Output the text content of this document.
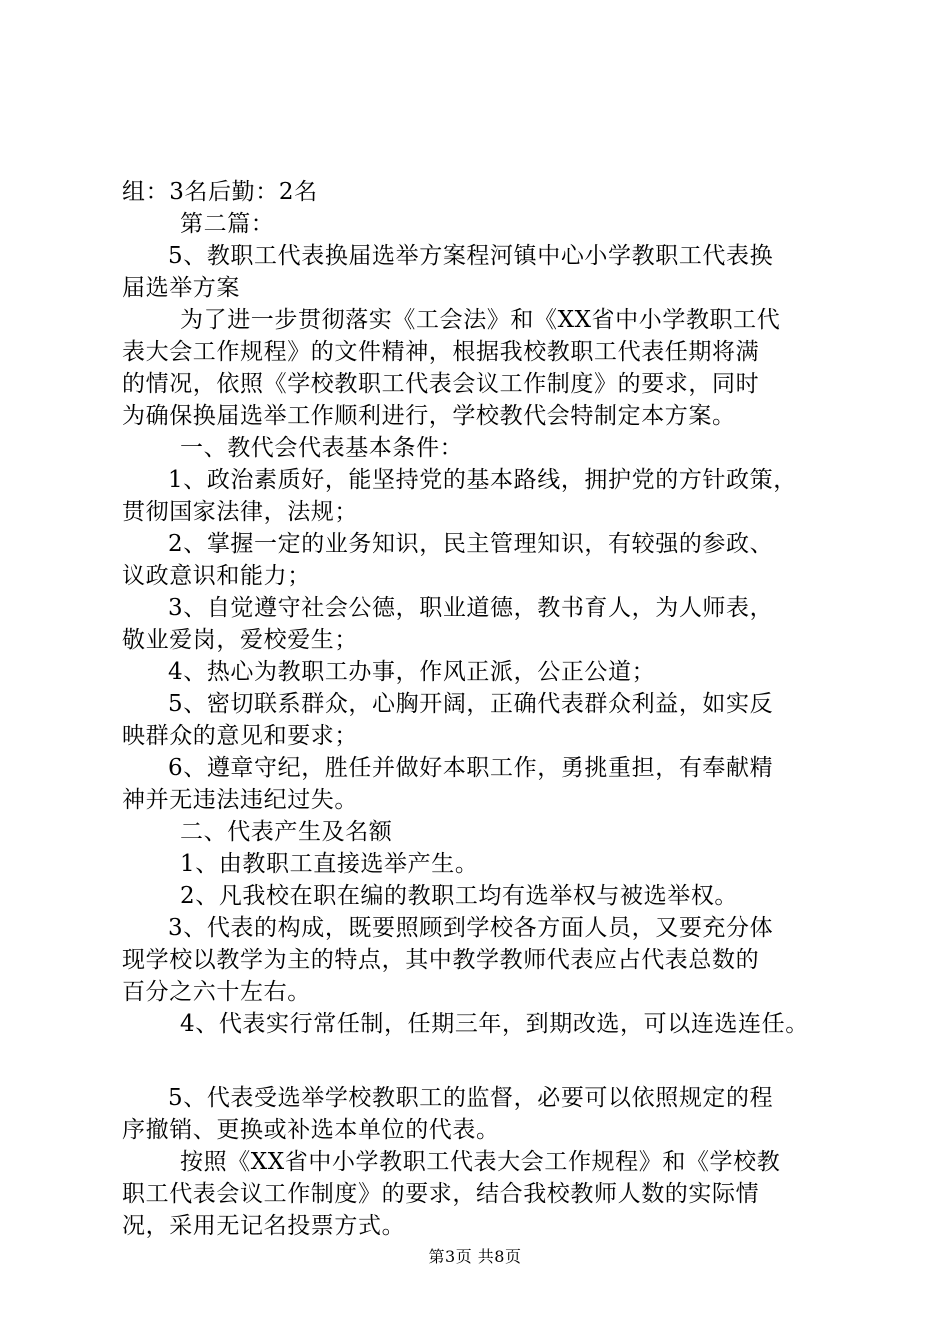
组：3名后勤：2名
第二篇：
5、教职工代表换届选举方案程河镇中心小学教职工代表换
届选举方案
为了进一步贯彻落实《工会法》和《XX省中小学教职工代
表大会工作规程》的文件精神，根据我校教职工代表任期将满
的情况，依照《学校教职工代表会议工作制度》的要求，同时
为确保换届选举工作顺利进行，学校教代会特制定本方案。
一、教代会代表基本条件：
1、政治素质好，能坚持党的基本路线，拥护党的方针政策，
贯彻国家法律，法规；
2、掌握一定的业务知识，民主管理知识，有较强的参政、
议政意识和能力；
3、自觉遵守社会公德，职业道德，教书育人，为人师表，
敬业爱岗，爱校爱生；
4、热心为教职工办事，作风正派，公正公道；
5、密切联系群众，心胸开阔，正确代表群众利益，如实反
映群众的意见和要求；
6、遵章守纪，胜任并做好本职工作，勇挑重担，有奉献精
神并无违法违纪过失。
二、代表产生及名额
1、由教职工直接选举产生。
2、凡我校在职在编的教职工均有选举权与被选举权。
3、代表的构成，既要照顾到学校各方面人员，又要充分体
现学校以教学为主的特点，其中教学教师代表应占代表总数的
百分之六十左右。
4、代表实行常任制，任期三年，到期改选，可以连选连任。
5、代表受选举学校教职工的监督，必要可以依照规定的程
序撤销、更换或补选本单位的代表。
按照《XX省中小学教职工代表大会工作规程》和《学校教
职工代表会议工作制度》的要求，结合我校教师人数的实际情
况，采用无记名投票方式。
第3页 共8页
